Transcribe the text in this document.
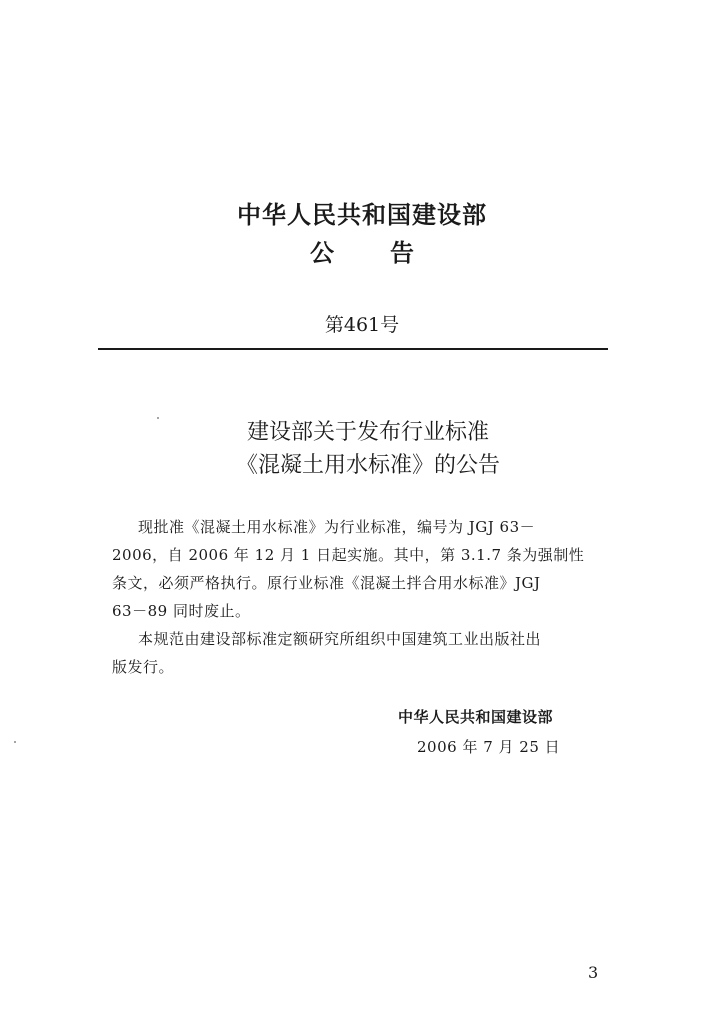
中华人民共和国建设部
公 告
第461号
建设部关于发布行业标准
《混凝土用水标准》的公告
现批准《混凝土用水标准》为行业标准，编号为 JGJ 63－
2006，自 2006 年 12 月 1 日起实施。其中，第 3.1.7 条为强制性
条文，必须严格执行。原行业标准《混凝土拌合用水标准》JGJ
63－89 同时废止。
本规范由建设部标准定额研究所组织中国建筑工业出版社出
版发行。
中华人民共和国建设部
2006 年 7 月 25 日
3
